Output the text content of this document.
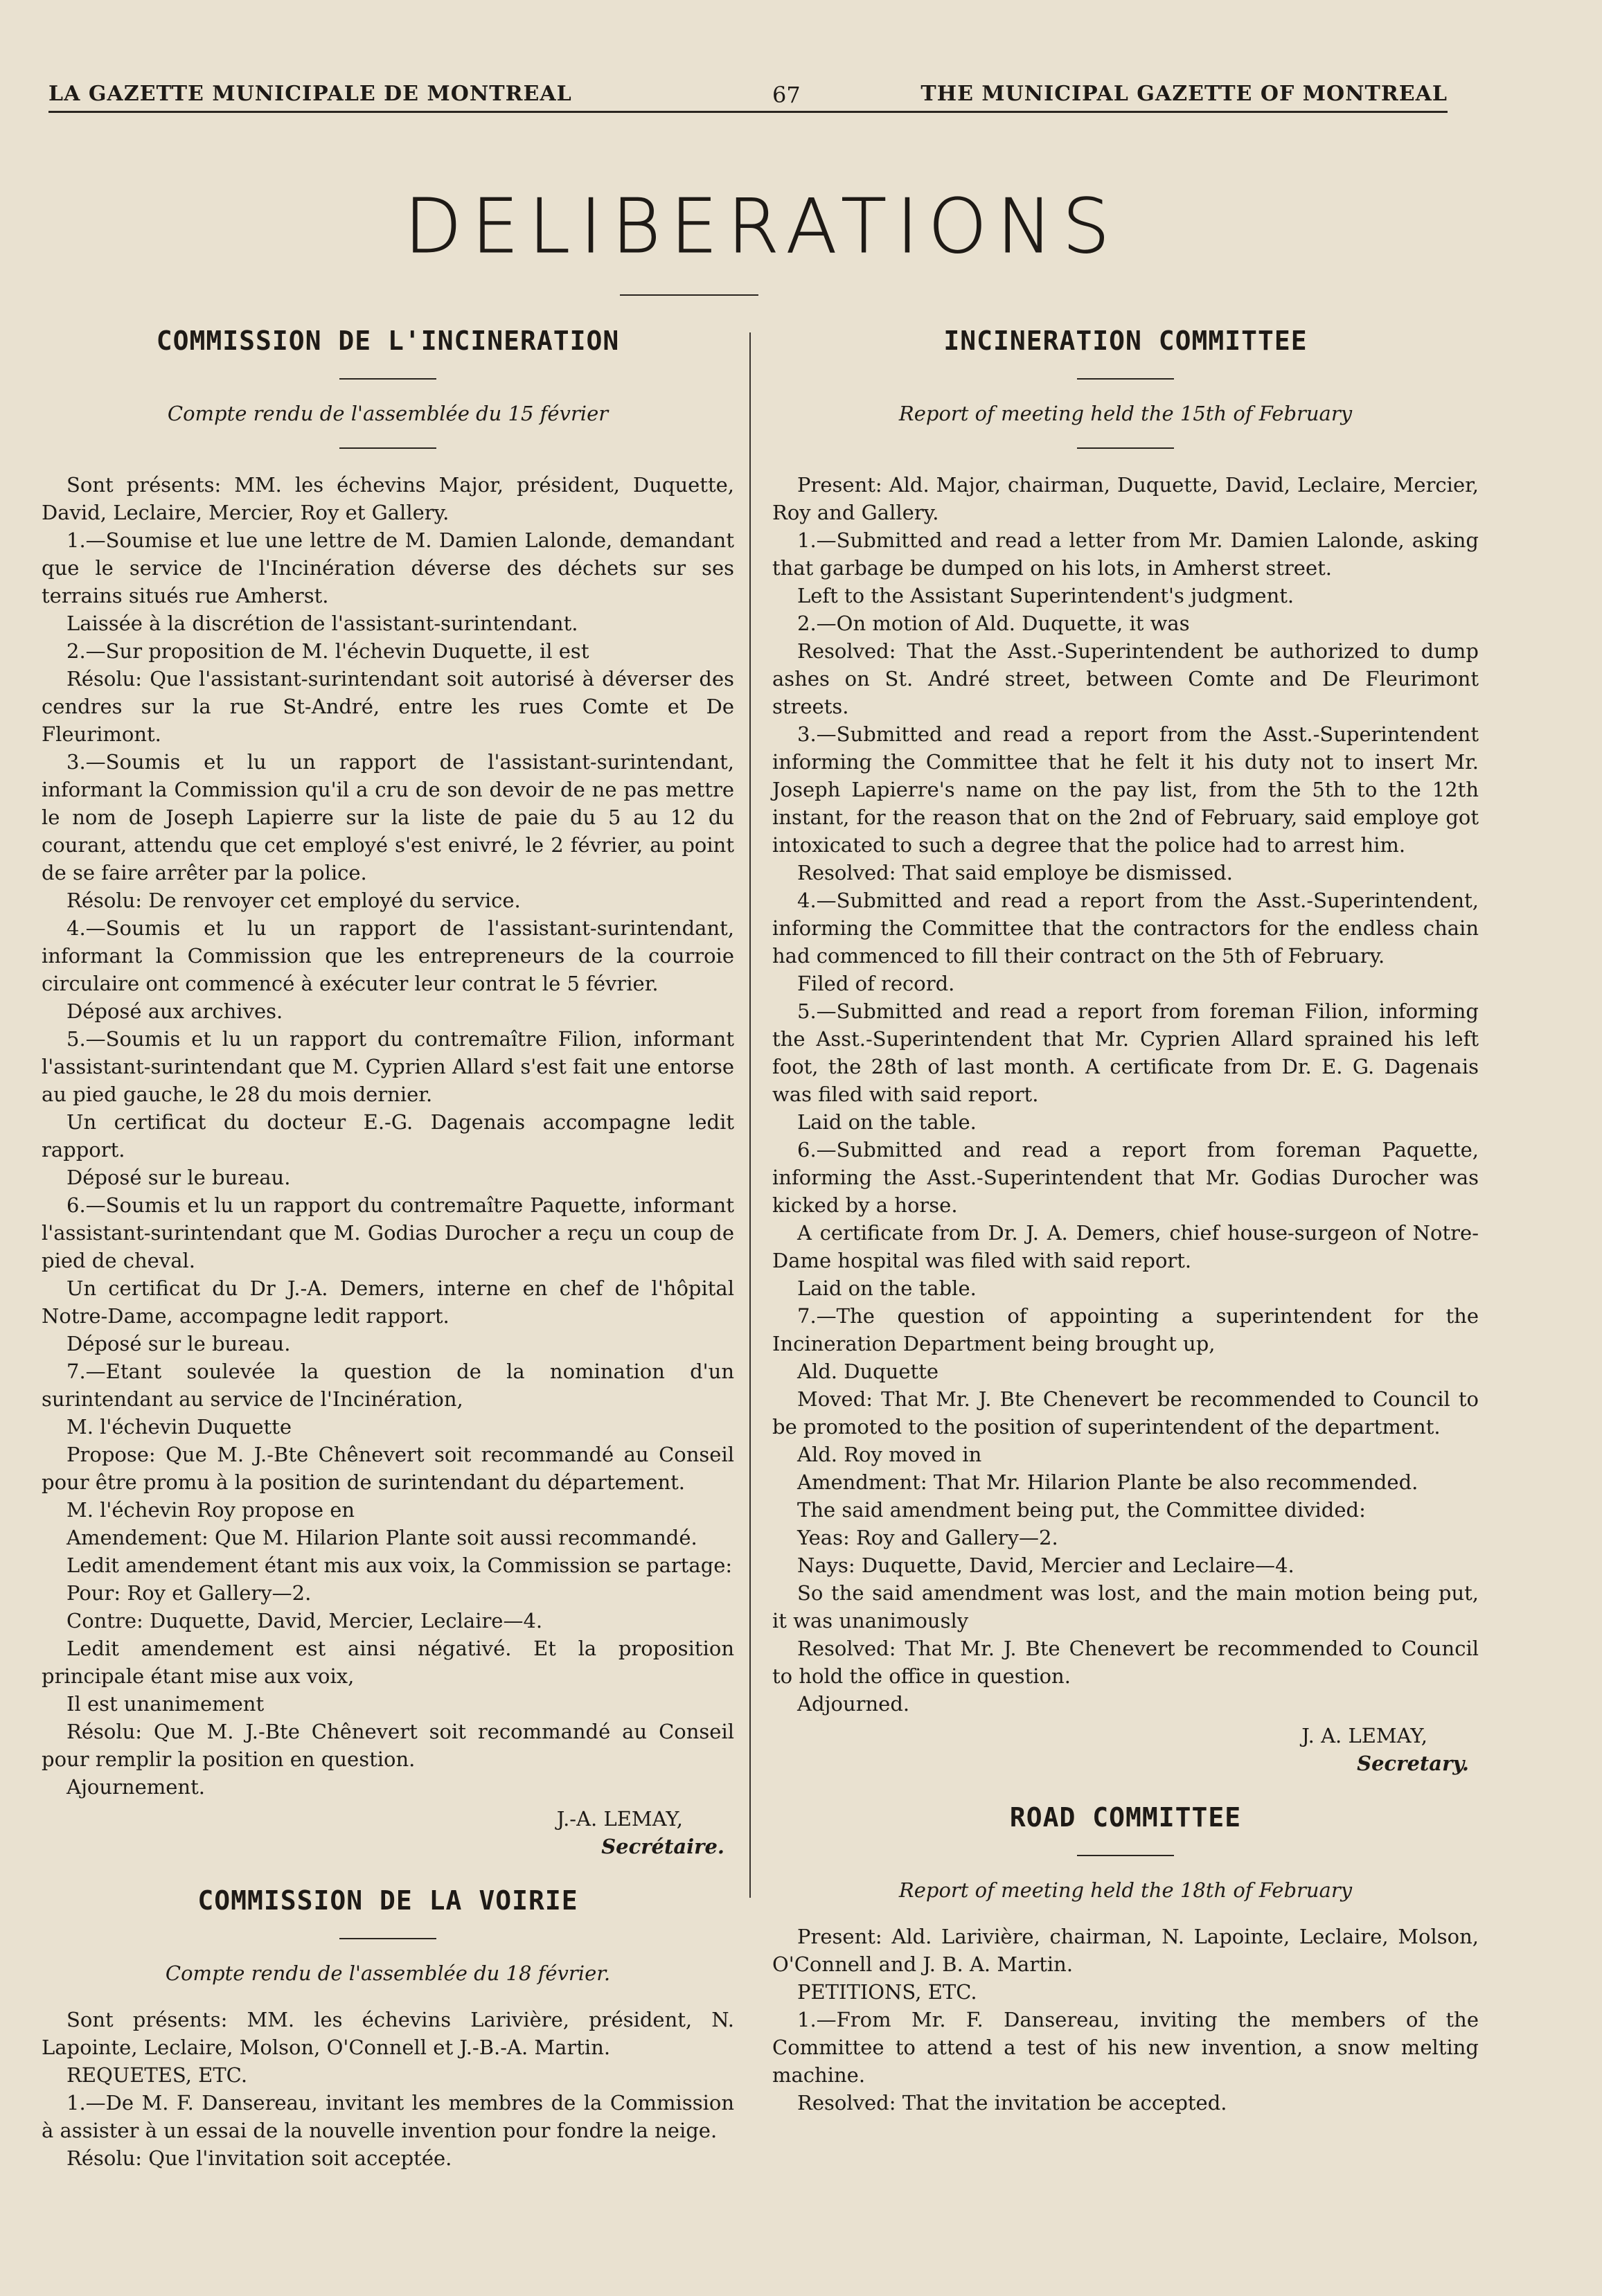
LA GAZETTE MUNICIPALE DE MONTREAL	67	THE MUNICIPAL GAZETTE OF MONTREAL
DELIBERATIONS
COMMISSION DE L'INCINERATION

Compte rendu de l'assemblée du 15 février

Sont présents: MM. les échevins Major, président, Duquette, David, Leclaire, Mercier, Roy et Gallery.

1.—Soumise et lue une lettre de M. Damien Lalonde, demandant que le service de l'Incinération déverse des déchets sur ses terrains situés rue Amherst.

Laissée à la discrétion de l'assistant-surintendant.

2.—Sur proposition de M. l'échevin Duquette, il est

Résolu: Que l'assistant-surintendant soit autorisé à déverser des cendres sur la rue St-André, entre les rues Comte et De Fleurimont.

3.—Soumis et lu un rapport de l'assistant-surintendant, informant la Commission qu'il a cru de son devoir de ne pas mettre le nom de Joseph Lapierre sur la liste de paie du 5 au 12 du courant, attendu que cet employé s'est enivré, le 2 février, au point de se faire arrêter par la police.

Résolu: De renvoyer cet employé du service.

4.—Soumis et lu un rapport de l'assistant-surintendant, informant la Commission que les entrepreneurs de la courroie circulaire ont commencé à exécuter leur contrat le 5 février.

Déposé aux archives.

5.—Soumis et lu un rapport du contremaître Filion, informant l'assistant-surintendant que M. Cyprien Allard s'est fait une entorse au pied gauche, le 28 du mois dernier.

Un certificat du docteur E.-G. Dagenais accompagne ledit rapport.

Déposé sur le bureau.

6.—Soumis et lu un rapport du contremaître Paquette, informant l'assistant-surintendant que M. Godias Durocher a reçu un coup de pied de cheval.

Un certificat du Dr J.-A. Demers, interne en chef de l'hôpital Notre-Dame, accompagne ledit rapport.

Déposé sur le bureau.

7.—Etant soulevée la question de la nomination d'un surintendant au service de l'Incinération,

M. l'échevin Duquette

Propose: Que M. J.-Bte Chênevert soit recommandé au Conseil pour être promu à la position de surintendant du département.

M. l'échevin Roy propose en

Amendement: Que M. Hilarion Plante soit aussi recommandé.

Ledit amendement étant mis aux voix, la Commission se partage:

Pour: Roy et Gallery—2.

Contre: Duquette, David, Mercier, Leclaire—4.

Ledit amendement est ainsi négativé. Et la proposition principale étant mise aux voix,

Il est unanimement

Résolu: Que M. J.-Bte Chênevert soit recommandé au Conseil pour remplir la position en question.

Ajournement.

J.-A. LEMAY,
Secrétaire.
COMMISSION DE LA VOIRIE

Compte rendu de l'assemblée du 18 février.

Sont présents: MM. les échevins Larivière, président, N. Lapointe, Leclaire, Molson, O'Connell et J.-B.-A. Martin.

REQUETES, ETC.

1.—De M. F. Dansereau, invitant les membres de la Commission à assister à un essai de la nouvelle invention pour fondre la neige.

Résolu: Que l'invitation soit acceptée.

INCINERATION COMMITTEE

Report of meeting held the 15th of February

Present: Ald. Major, chairman, Duquette, David, Leclaire, Mercier, Roy and Gallery.

1.—Submitted and read a letter from Mr. Damien Lalonde, asking that garbage be dumped on his lots, in Amherst street.

Left to the Assistant Superintendent's judgment.

2.—On motion of Ald. Duquette, it was

Resolved: That the Asst.-Superintendent be authorized to dump ashes on St. André street, between Comte and De Fleurimont streets.

3.—Submitted and read a report from the Asst.-Superintendent informing the Committee that he felt it his duty not to insert Mr. Joseph Lapierre's name on the pay list, from the 5th to the 12th instant, for the reason that on the 2nd of February, said employe got intoxicated to such a degree that the police had to arrest him.

Resolved: That said employe be dismissed.

4.—Submitted and read a report from the Asst.-Superintendent, informing the Committee that the contractors for the endless chain had commenced to fill their contract on the 5th of February.

Filed of record.

5.—Submitted and read a report from foreman Filion, informing the Asst.-Superintendent that Mr. Cyprien Allard sprained his left foot, the 28th of last month. A certificate from Dr. E. G. Dagenais was filed with said report.

Laid on the table.

6.—Submitted and read a report from foreman Paquette, informing the Asst.-Superintendent that Mr. Godias Durocher was kicked by a horse.

A certificate from Dr. J. A. Demers, chief house-surgeon of Notre-Dame hospital was filed with said report.

Laid on the table.

7.—The question of appointing a superintendent for the Incineration Department being brought up,

Ald. Duquette

Moved: That Mr. J. Bte Chenevert be recommended to Council to be promoted to the position of superintendent of the department.

Ald. Roy moved in

Amendment: That Mr. Hilarion Plante be also recommended.

The said amendment being put, the Committee divided:

Yeas: Roy and Gallery—2.

Nays: Duquette, David, Mercier and Leclaire—4.

So the said amendment was lost, and the main motion being put, it was unanimously

Resolved: That Mr. J. Bte Chenevert be recommended to Council to hold the office in question.

Adjourned.

J. A. LEMAY,
Secretary.
ROAD COMMITTEE

Report of meeting held the 18th of February

Present: Ald. Larivière, chairman, N. Lapointe, Leclaire, Molson, O'Connell and J. B. A. Martin.

PETITIONS, ETC.

1.—From Mr. F. Dansereau, inviting the members of the Committee to attend a test of his new invention, a snow melting machine.

Resolved: That the invitation be accepted.
